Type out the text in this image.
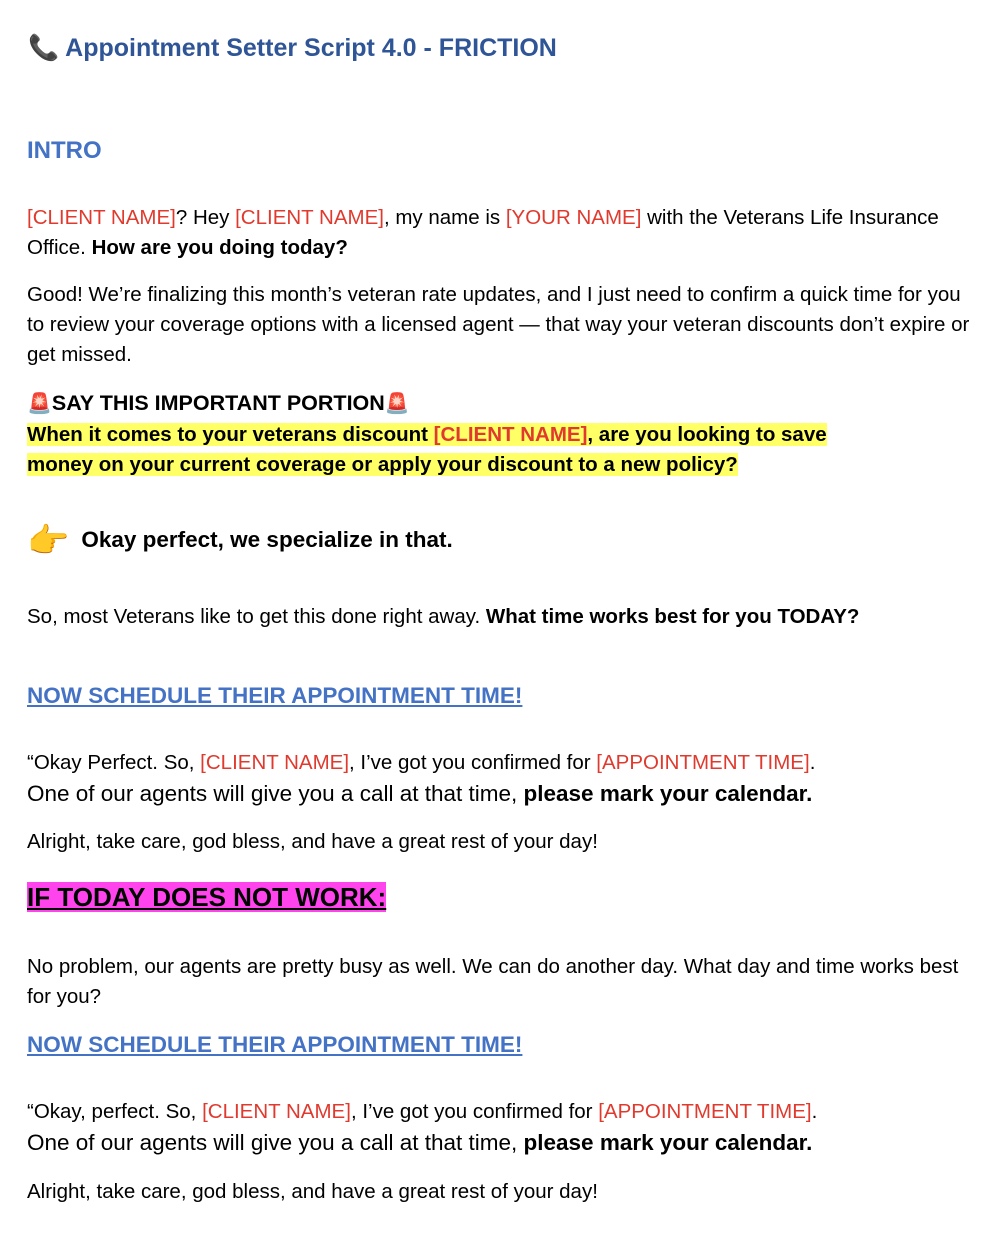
📞 Appointment Setter Script 4.0 - FRICTION
INTRO

[CLIENT NAME]? Hey [CLIENT NAME], my name is [YOUR NAME] with the Veterans Life Insurance Office. How are you doing today?

Good! We’re finalizing this month’s veteran rate updates, and I just need to confirm a quick time for you to review your coverage options with a licensed agent — that way your veteran discounts don’t expire or get missed.

🚨SAY THIS IMPORTANT PORTION🚨
When it comes to your veterans discount [CLIENT NAME], are you looking to save money on your current coverage or apply your discount to a new policy?
👉 Okay perfect, we specialize in that.

So, most Veterans like to get this done right away. What time works best for you TODAY?

NOW SCHEDULE THEIR APPOINTMENT TIME!

“Okay Perfect. So, [CLIENT NAME], I’ve got you confirmed for [APPOINTMENT TIME].

One of our agents will give you a call at that time, please mark your calendar.

Alright, take care, god bless, and have a great rest of your day!

IF TODAY DOES NOT WORK:

No problem, our agents are pretty busy as well. We can do another day. What day and time works best for you?

NOW SCHEDULE THEIR APPOINTMENT TIME!

“Okay, perfect. So, [CLIENT NAME], I’ve got you confirmed for [APPOINTMENT TIME].

One of our agents will give you a call at that time, please mark your calendar.

Alright, take care, god bless, and have a great rest of your day!
